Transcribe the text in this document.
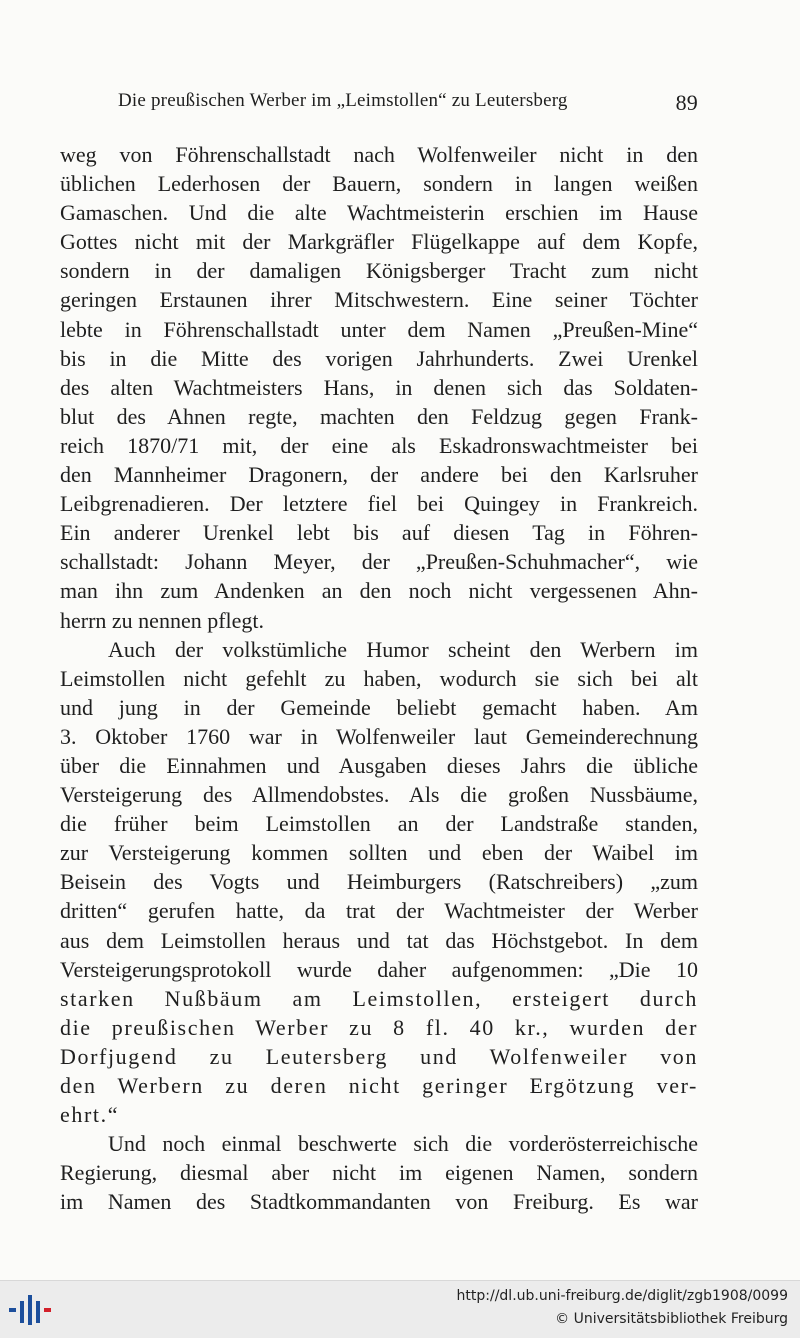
Die preußischen Werber im „Leimstollen“ zu Leutersberg	89
weg von Föhrenschallstadt nach Wolfenweiler nicht in den
üblichen Lederhosen der Bauern, sondern in langen weißen
Gamaschen. Und die alte Wachtmeisterin erschien im Hause
Gottes nicht mit der Markgräfler Flügelkappe auf dem Kopfe,
sondern in der damaligen Königsberger Tracht zum nicht
geringen Erstaunen ihrer Mitschwestern. Eine seiner Töchter
lebte in Föhrenschallstadt unter dem Namen „Preußen-Mine“
bis in die Mitte des vorigen Jahrhunderts. Zwei Urenkel
des alten Wachtmeisters Hans, in denen sich das Soldaten-
blut des Ahnen regte, machten den Feldzug gegen Frank-
reich 1870/71 mit, der eine als Eskadronswachtmeister bei
den Mannheimer Dragonern, der andere bei den Karlsruher
Leibgrenadieren. Der letztere fiel bei Quingey in Frankreich.
Ein anderer Urenkel lebt bis auf diesen Tag in Föhren-
schallstadt: Johann Meyer, der „Preußen-Schuhmacher“, wie
man ihn zum Andenken an den noch nicht vergessenen Ahn-
herrn zu nennen pflegt.
Auch der volkstümliche Humor scheint den Werbern im
Leimstollen nicht gefehlt zu haben, wodurch sie sich bei alt
und jung in der Gemeinde beliebt gemacht haben. Am
3. Oktober 1760 war in Wolfenweiler laut Gemeinderechnung
über die Einnahmen und Ausgaben dieses Jahrs die übliche
Versteigerung des Allmendobstes. Als die großen Nussbäume,
die früher beim Leimstollen an der Landstraße standen,
zur Versteigerung kommen sollten und eben der Waibel im
Beisein des Vogts und Heimburgers (Ratschreibers) „zum
dritten“ gerufen hatte, da trat der Wachtmeister der Werber
aus dem Leimstollen heraus und tat das Höchstgebot. In dem
Versteigerungsprotokoll wurde daher aufgenommen: „Die 10
starken Nußbäum am Leimstollen, ersteigert durch
die preußischen Werber zu 8 fl. 40 kr., wurden der
Dorfjugend zu Leutersberg und Wolfenweiler von
den Werbern zu deren nicht geringer Ergötzung ver-
ehrt.“
Und noch einmal beschwerte sich die vorderösterreichische
Regierung, diesmal aber nicht im eigenen Namen, sondern
im Namen des Stadtkommandanten von Freiburg. Es war
http://dl.ub.uni-freiburg.de/diglit/zgb1908/0099
© Universitätsbibliothek Freiburg
